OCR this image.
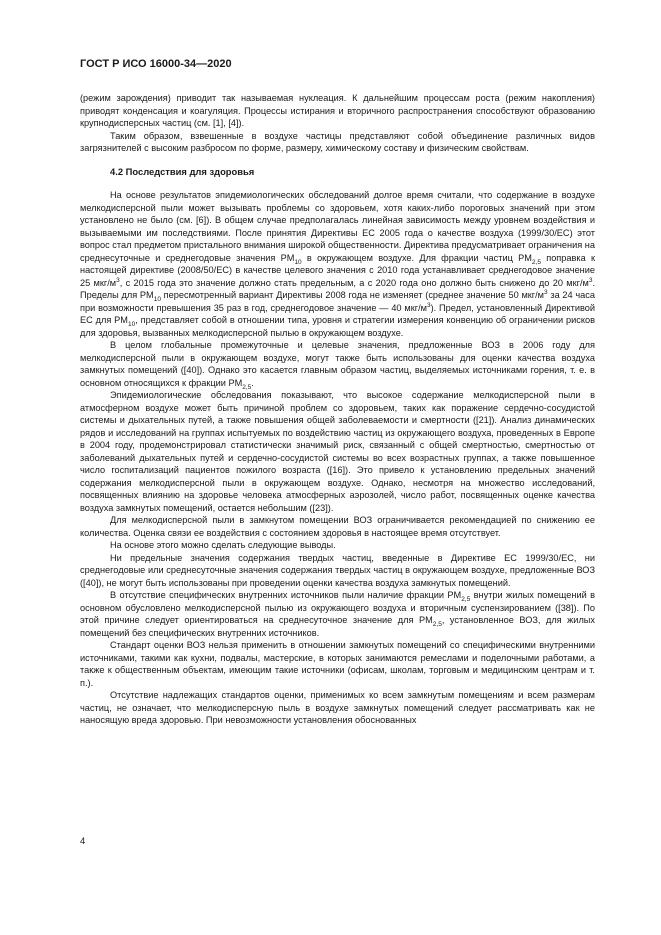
ГОСТ Р ИСО 16000-34—2020

(режим зарождения) приводит так называемая нуклеация. К дальнейшим процессам роста (режим накопления) приводят конденсация и коагуляция. Процессы истирания и вторичного распространения способствуют образованию крупнодисперсных частиц (см. [1], [4]).

Таким образом, взвешенные в воздухе частицы представляют собой объединение различных видов загрязнителей с высоким разбросом по форме, размеру, химическому составу и физическим свойствам.

4.2 Последствия для здоровья

На основе результатов эпидемиологических обследований долгое время считали, что содержание в воздухе мелкодисперсной пыли может вызывать проблемы со здоровьем, хотя каких-либо пороговых значений при этом установлено не было (см. [6]). В общем случае предполагалась линейная зависимость между уровнем воздействия и вызываемыми им последствиями. После принятия Директивы ЕС 2005 года о качестве воздуха (1999/30/ЕС) этот вопрос стал предметом пристального внимания широкой общественности. Директива предусматривает ограничения на среднесуточные и среднегодовые значения $PM_{10}$ в окружающем воздухе. Для фракции частиц $PM_{2,5}$ поправка к настоящей директиве (2008/50/ЕС) в качестве целевого значения с 2010 года устанавливает среднегодовое значение 25 мкг/$м^3$, с 2015 года это значение должно стать предельным, а с 2020 года оно должно быть снижено до 20 мкг/$м^3$. Пределы для $PM_{10}$ пересмотренный вариант Директивы 2008 года не изменяет (среднее значение 50 мкг/$м^3$ за 24 часа при возможности превышения 35 раз в год, среднегодовое значение — 40 мкг/$м^3$). Предел, установленный Директивой ЕС для $PM_{10}$, представляет собой в отношении типа, уровня и стратегии измерения конвенцию об ограничении рисков для здоровья, вызванных мелкодисперсной пылью в окружающем воздухе.

В целом глобальные промежуточные и целевые значения, предложенные ВОЗ в 2006 году для мелкодисперсной пыли в окружающем воздухе, могут также быть использованы для оценки качества воздуха замкнутых помещений ([40]). Однако это касается главным образом частиц, выделяемых источниками горения, т. е. в основном относящихся к фракции $PM_{2,5}$.

Эпидемиологические обследования показывают, что высокое содержание мелкодисперсной пыли в атмосферном воздухе может быть причиной проблем со здоровьем, таких как поражение сердечно-сосудистой системы и дыхательных путей, а также повышения общей заболеваемости и смертности ([21]). Анализ динамических рядов и исследований на группах испытуемых по воздействию частиц из окружающего воздуха, проведенных в Европе в 2004 году, продемонстрировал статистически значимый риск, связанный с общей смертностью, смертностью от заболеваний дыхательных путей и сердечно-сосудистой системы во всех возрастных группах, а также повышенное число госпитализаций пациентов пожилого возраста ([16]). Это привело к установлению предельных значений содержания мелкодисперсной пыли в окружающем воздухе. Однако, несмотря на множество исследований, посвященных влиянию на здоровье человека атмосферных аэрозолей, число работ, посвященных оценке качества воздуха замкнутых помещений, остается небольшим ([23]).

Для мелкодисперсной пыли в замкнутом помещении ВОЗ ограничивается рекомендацией по снижению ее количества. Оценка связи ее воздействия с состоянием здоровья в настоящее время отсутствует.

На основе этого можно сделать следующие выводы.

Ни предельные значения содержания твердых частиц, введенные в Директиве ЕС 1999/30/ЕС, ни среднегодовые или среднесуточные значения содержания твердых частиц в окружающем воздухе, предложенные ВОЗ ([40]), не могут быть использованы при проведении оценки качества воздуха замкнутых помещений.

В отсутствие специфических внутренних источников пыли наличие фракции $PM_{2,5}$ внутри жилых помещений в основном обусловлено мелкодисперсной пылью из окружающего воздуха и вторичным суспензированием ([38]). По этой причине следует ориентироваться на среднесуточное значение для $PM_{2,5}$, установленное ВОЗ, для жилых помещений без специфических внутренних источников.

Стандарт оценки ВОЗ нельзя применить в отношении замкнутых помещений со специфическими внутренними источниками, такими как кухни, подвалы, мастерские, в которых занимаются ремеслами и поделочными работами, а также к общественным объектам, имеющим такие источники (офисам, школам, торговым и медицинским центрам и т. п.).

Отсутствие надлежащих стандартов оценки, применимых ко всем замкнутым помещениям и всем размерам частиц, не означает, что мелкодисперсную пыль в воздухе замкнутых помещений следует рассматривать как не наносящую вреда здоровью. При невозможности установления обоснованных

4
